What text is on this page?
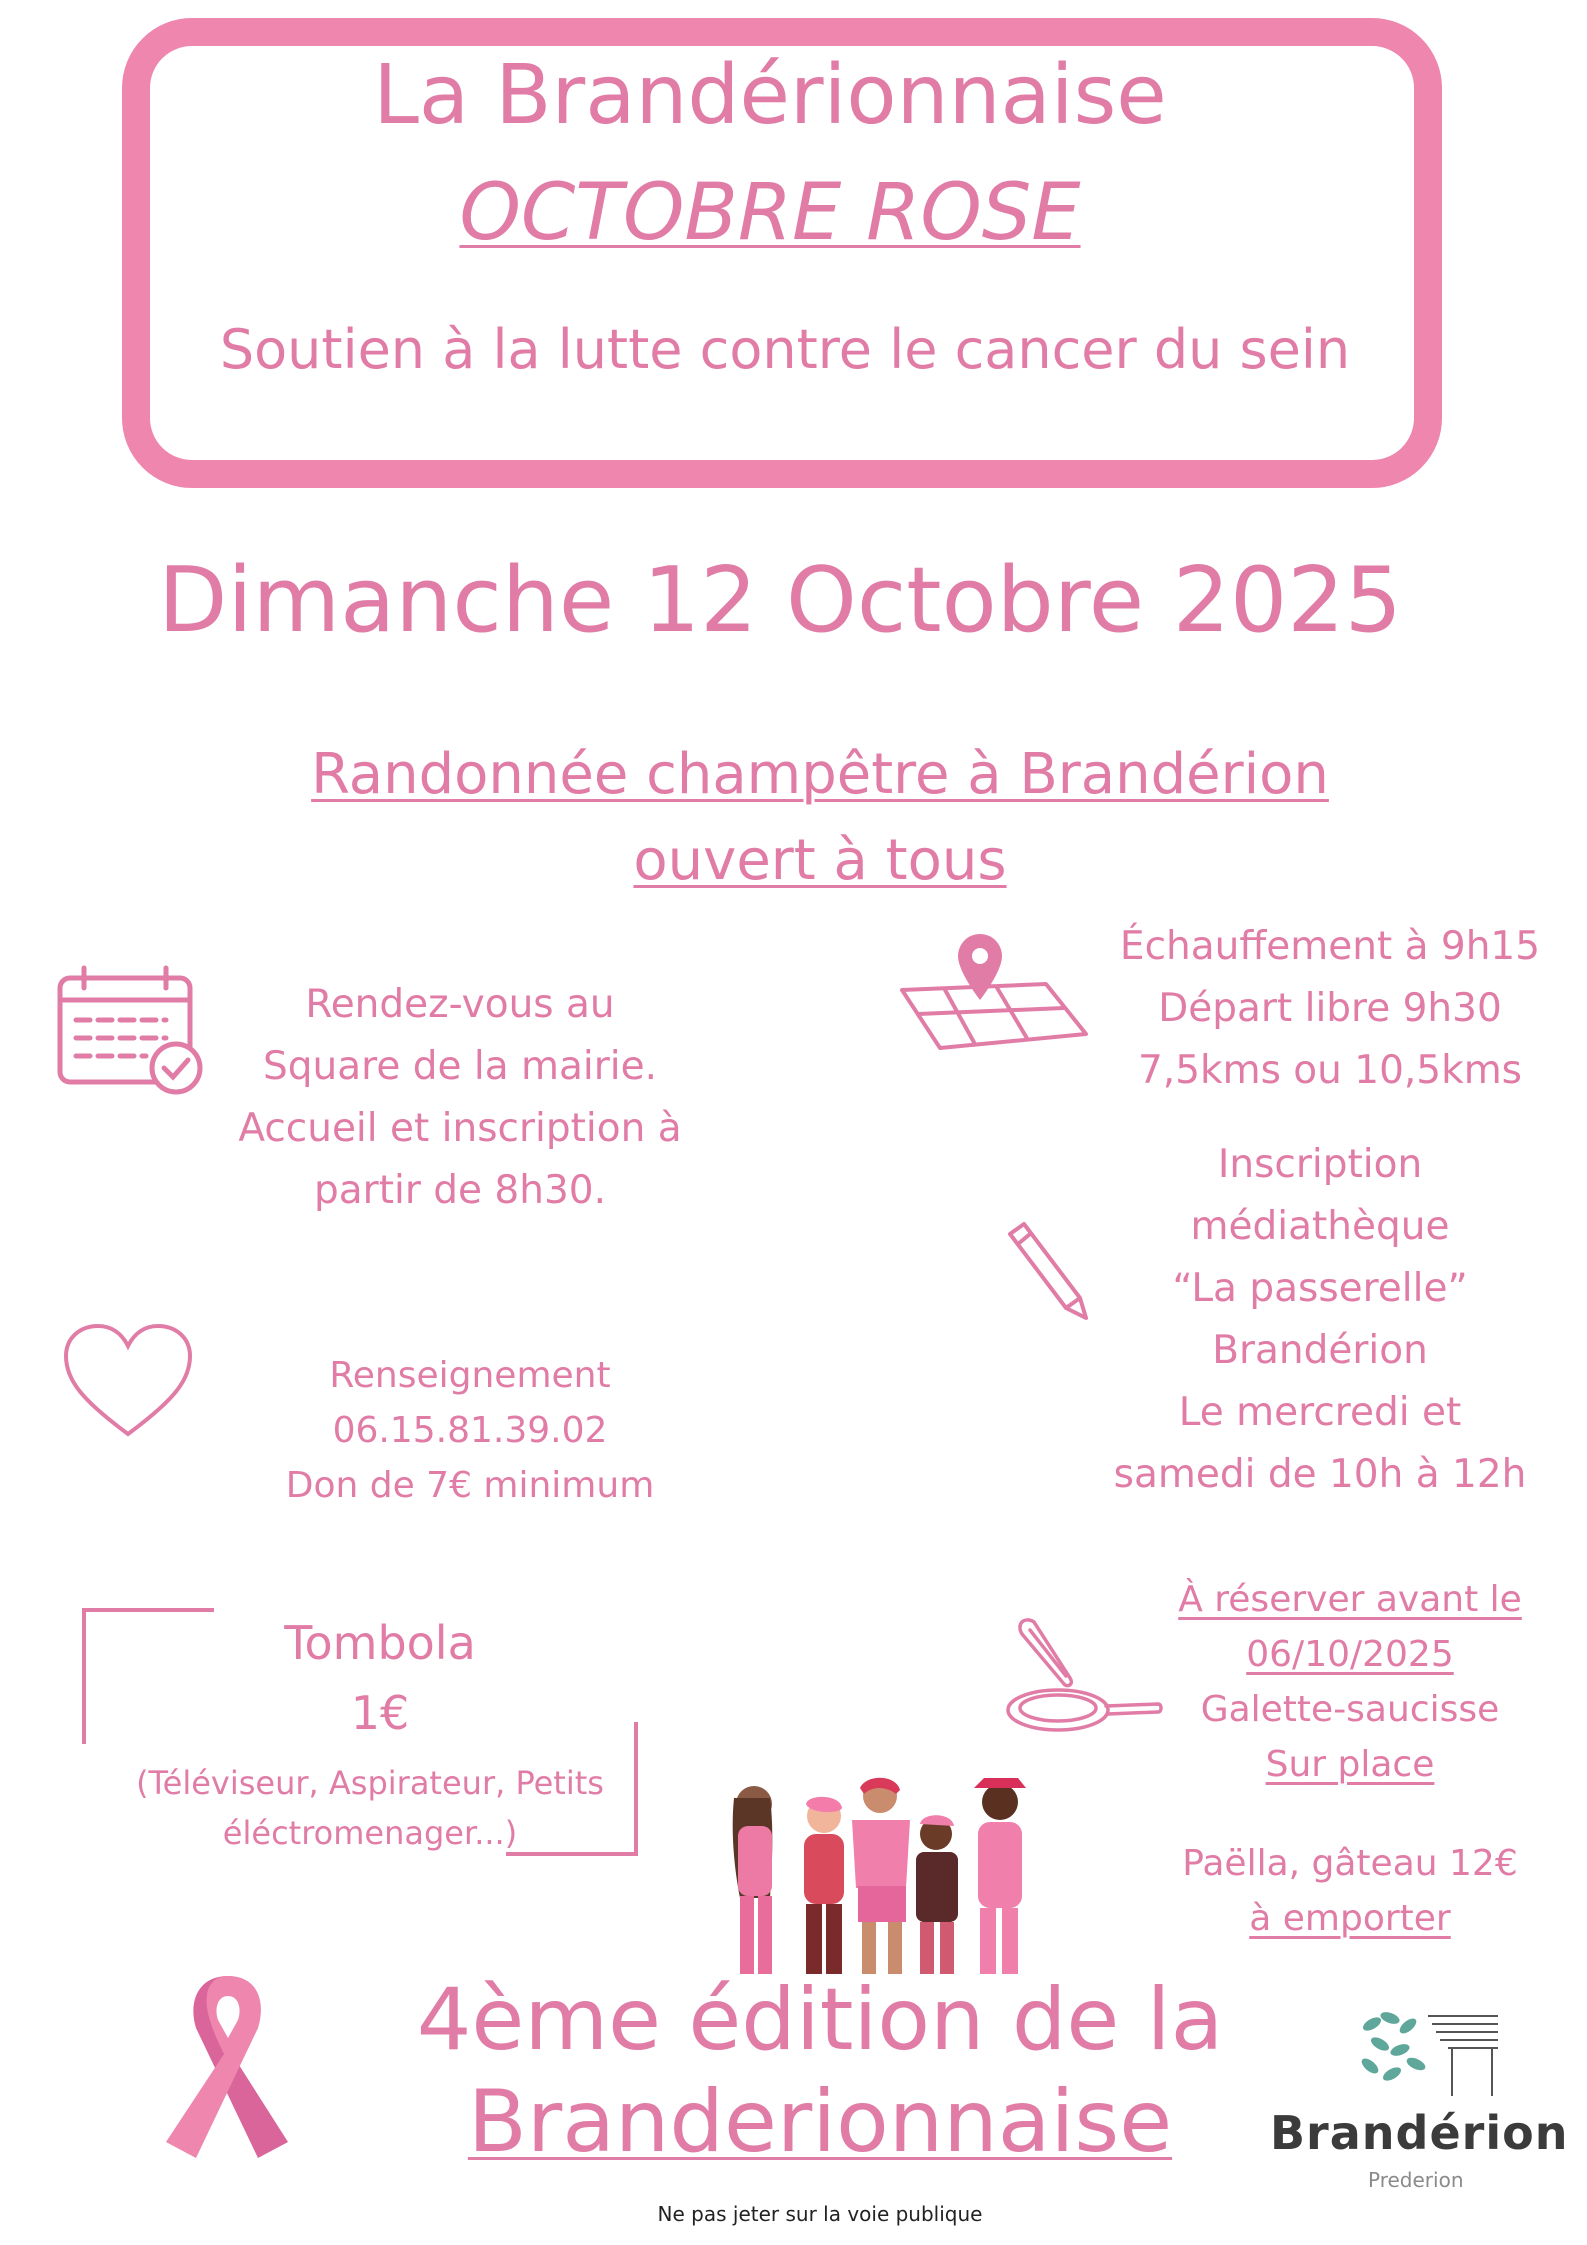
La Brandérionnaise
OCTOBRE ROSE
Soutien à la lutte contre le cancer du sein
Dimanche 12 Octobre 2025
Randonnée champêtre à Brandérion
ouvert à tous
Rendez-vous au
Square de la mairie.
Accueil et inscription à
partir de 8h30.
Échauffement à 9h15
Départ libre 9h30
7,5kms ou 10,5kms
Inscription
médiathèque
“La passerelle”
Brandérion
Le mercredi et
samedi de 10h à 12h
Renseignement
06.15.81.39.02
Don de 7€ minimum
Tombola
1€
(Téléviseur, Aspirateur, Petits
éléctromenager...)
À réserver avant le
06/10/2025
Galette-saucisse
Sur place
Paëlla, gâteau 12€
à emporter
4ème édition de la
Branderionnaise
Ne pas jeter sur la voie publique
Brandérion
Prederion
